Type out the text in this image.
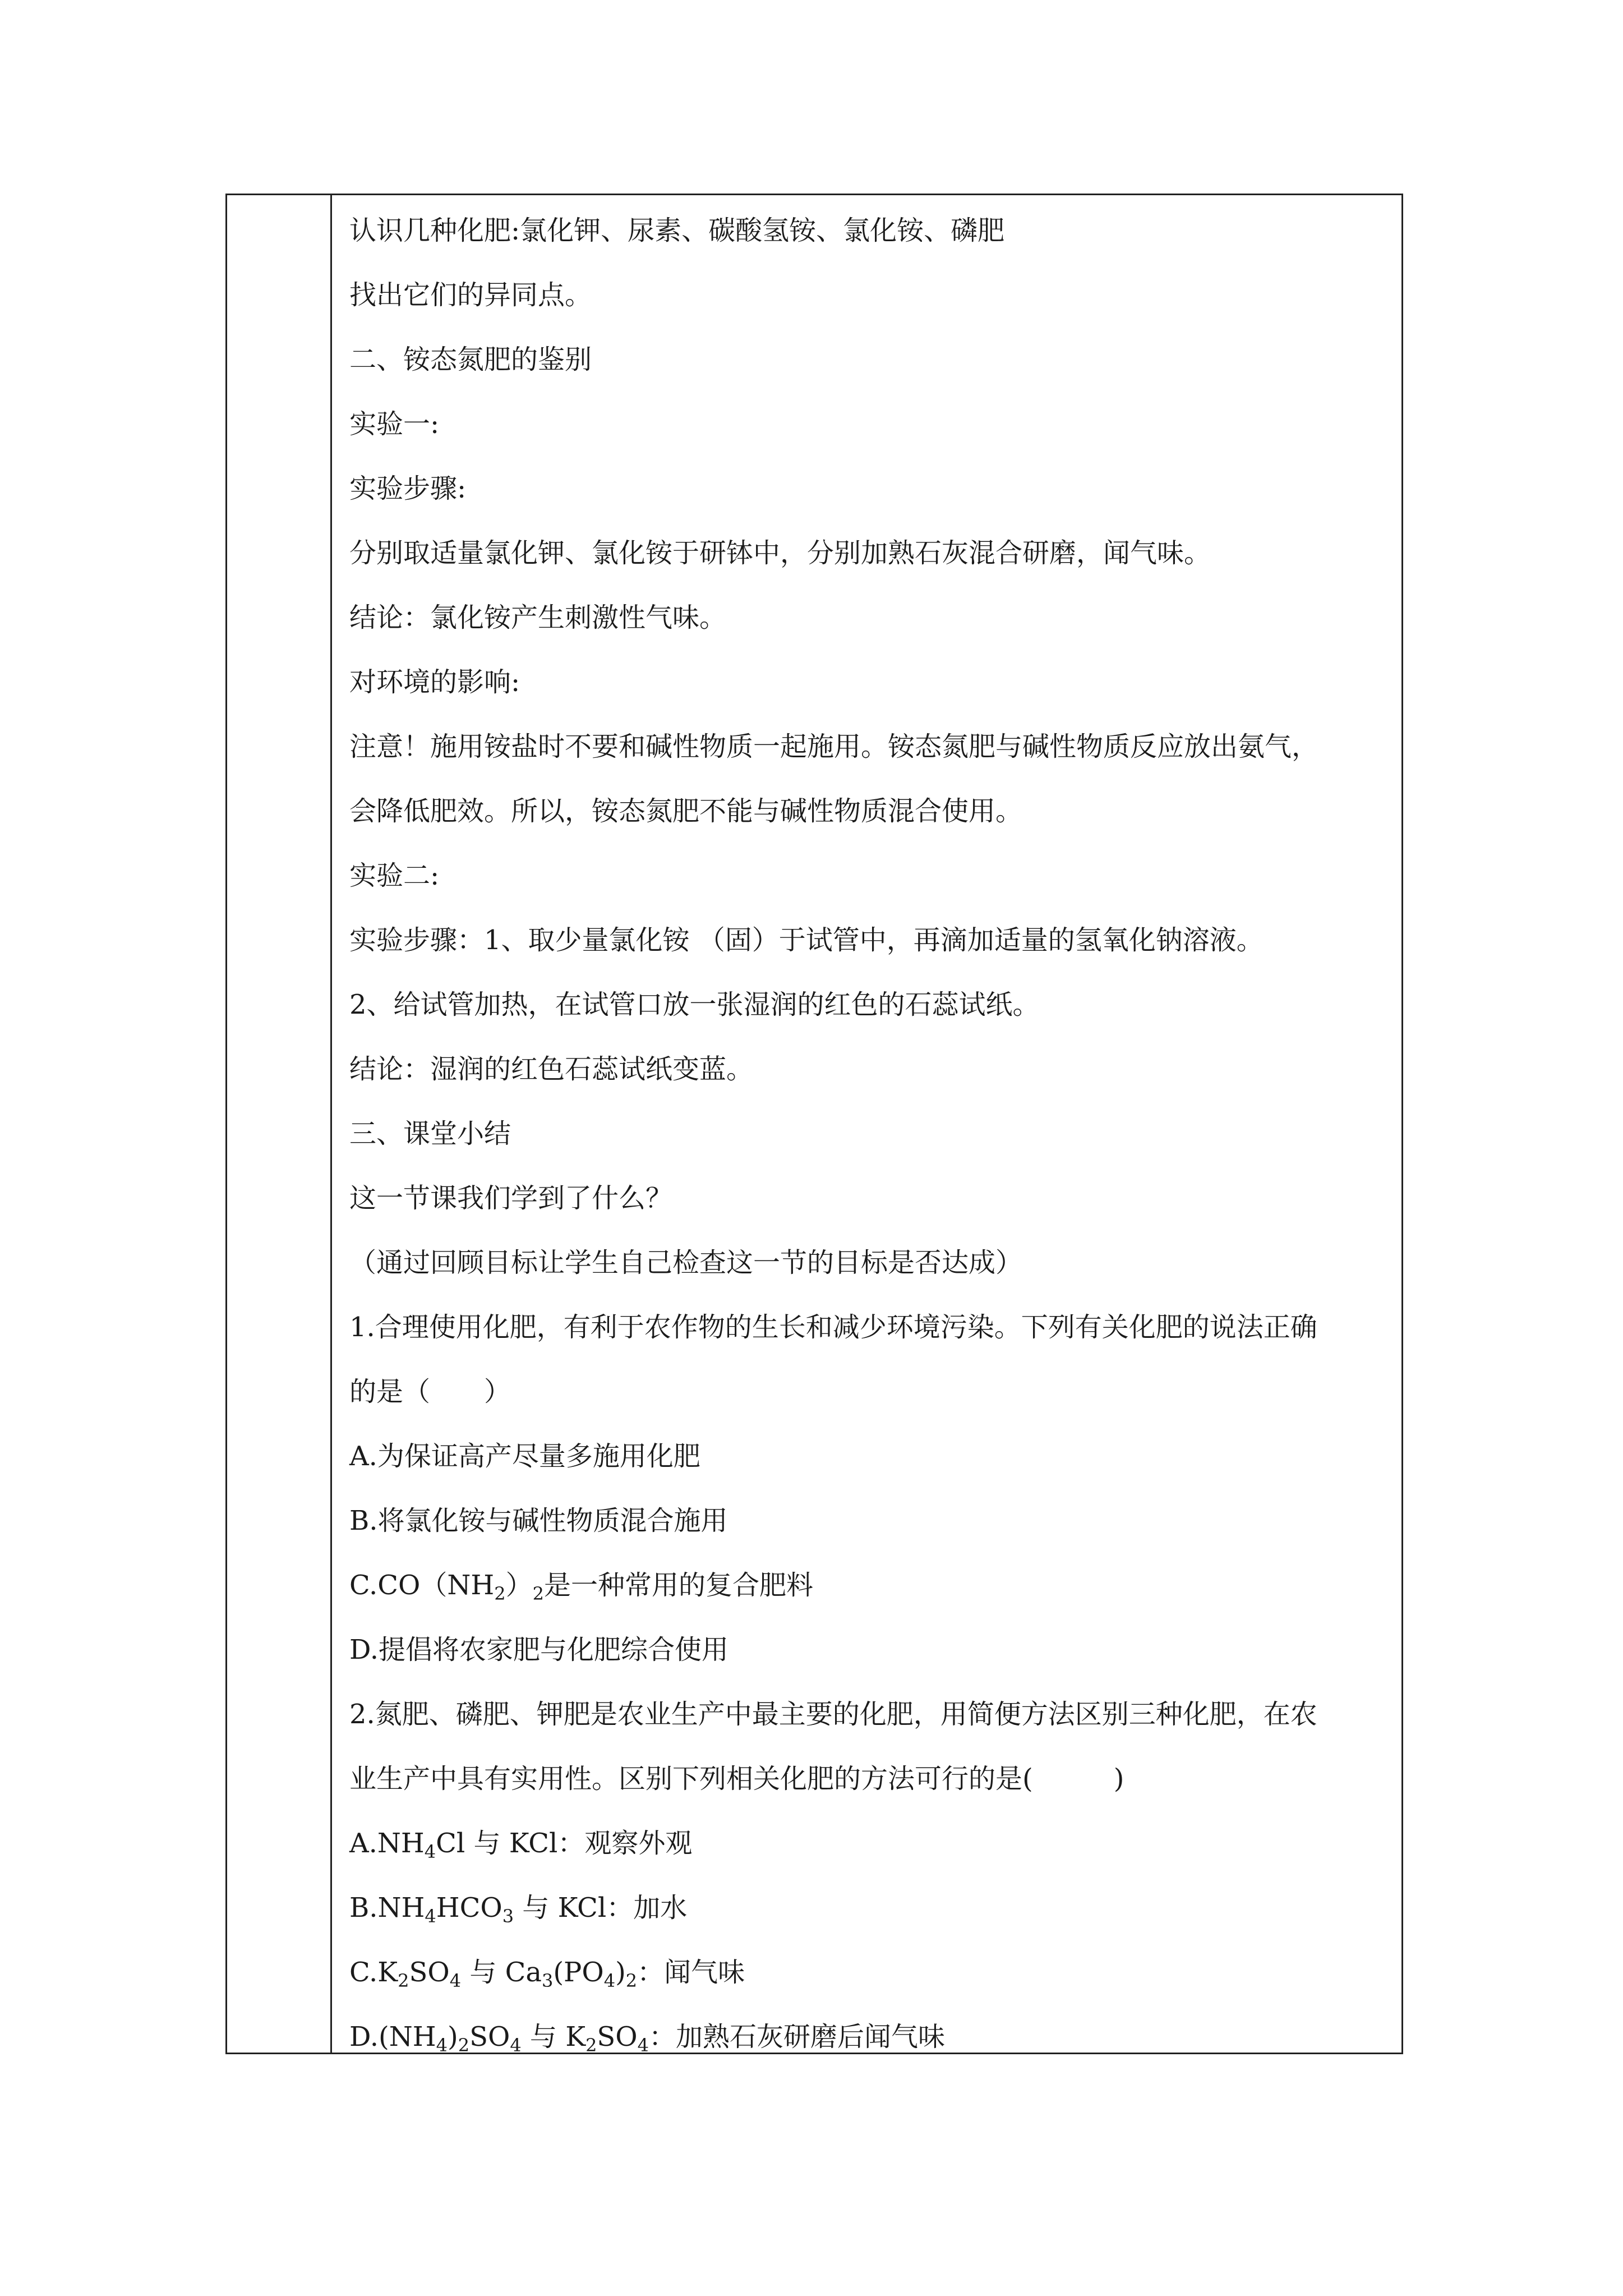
认识几种化肥:氯化钾、尿素、碳酸氢铵、氯化铵、磷肥
找出它们的异同点。
二、铵态氮肥的鉴别
实验一:
实验步骤:
分别取适量氯化钾、氯化铵于研钵中，分别加熟石灰混合研磨，闻气味。
结论：氯化铵产生刺激性气味。
对环境的影响:
注意！施用铵盐时不要和碱性物质一起施用。铵态氮肥与碱性物质反应放出氨气，
会降低肥效。所以，铵态氮肥不能与碱性物质混合使用。
实验二:
实验步骤：1、取少量氯化铵 （固）于试管中，再滴加适量的氢氧化钠溶液。
2、给试管加热，在试管口放一张湿润的红色的石蕊试纸。
结论：湿润的红色石蕊试纸变蓝。
三、课堂小结
这一节课我们学到了什么？
（通过回顾目标让学生自己检查这一节的目标是否达成）
1.合理使用化肥，有利于农作物的生长和减少环境污染。下列有关化肥的说法正确
的是（　　）
A.为保证高产尽量多施用化肥
B.将氯化铵与碱性物质混合施用
$C.CO(NH_2)_2$是一种常用的复合肥料
D.提倡将农家肥与化肥综合使用
2.氮肥、磷肥、钾肥是农业生产中最主要的化肥，用简便方法区别三种化肥，在农
业生产中具有实用性。区别下列相关化肥的方法可行的是(　　　)
$A.NH_4Cl$ 与 KCl：观察外观
$B.NH_4HCO_3$ 与 KCl：加水
$C.K_2SO_4$ 与 $Ca_3(PO_4)_2$：闻气味
$D.(NH_4)_2SO_4$ 与 $K_2SO_4$：加熟石灰研磨后闻气味
